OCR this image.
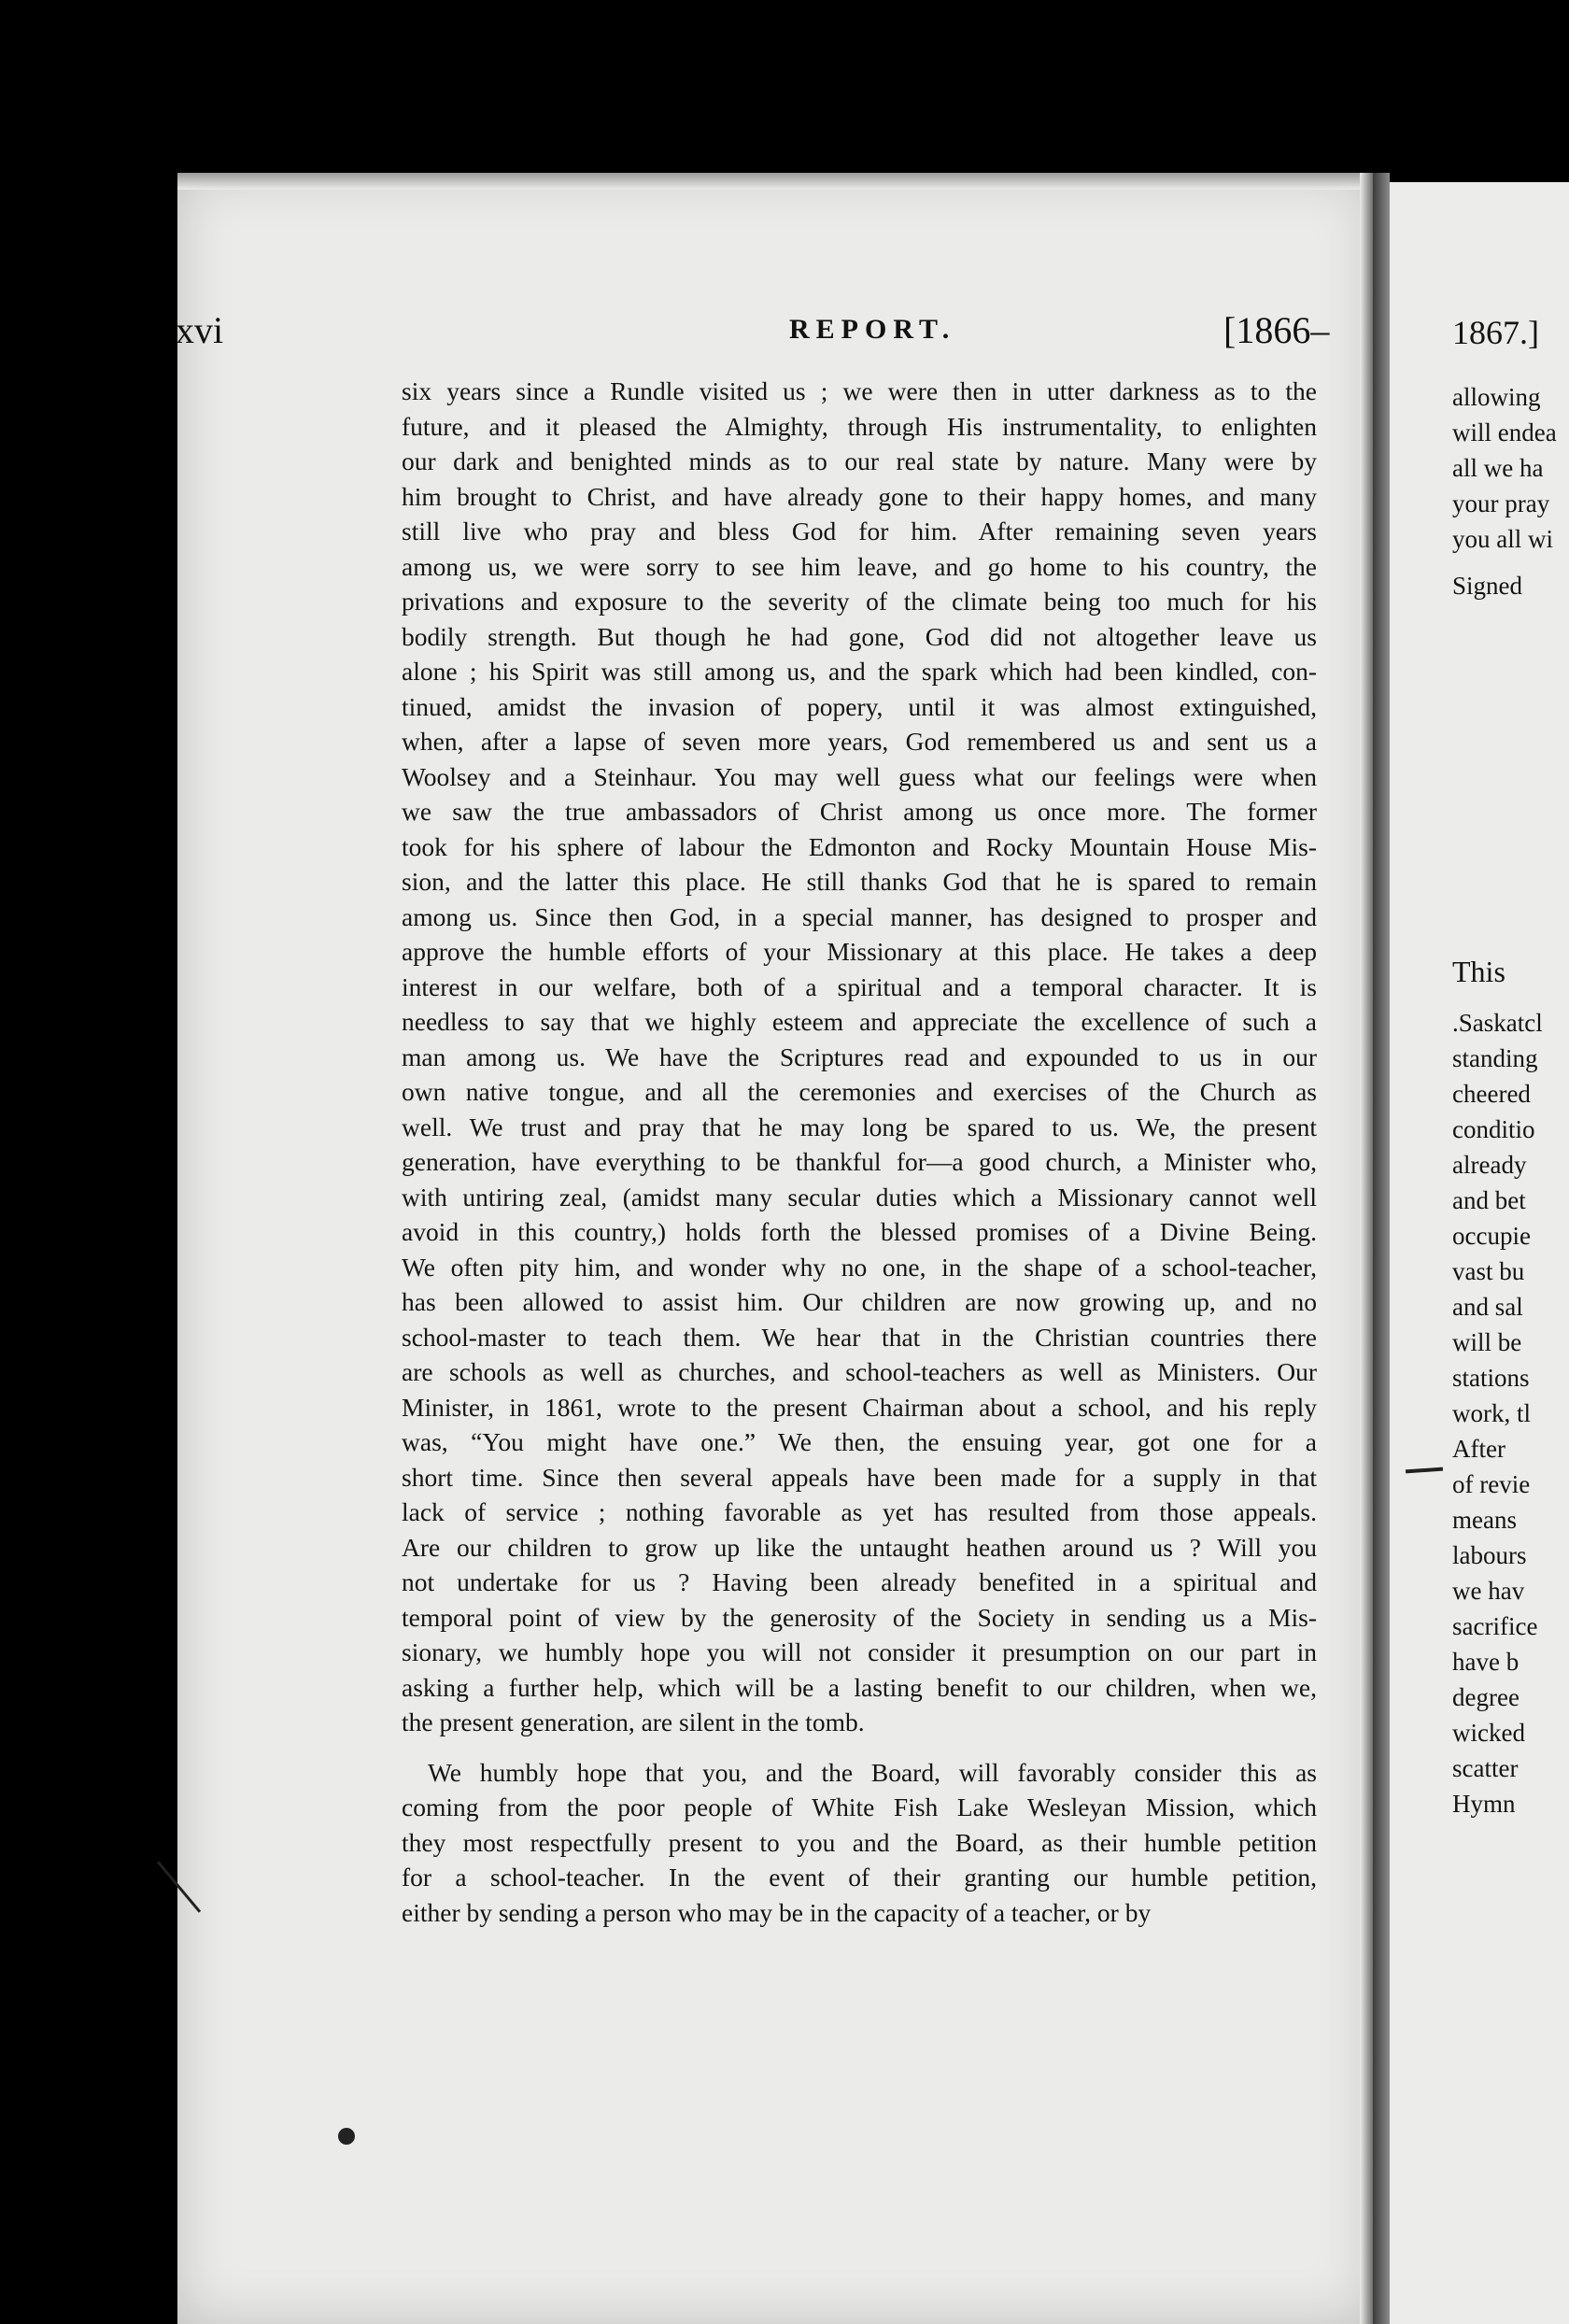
xvi	REPORT.	[1866–
six years since a Rundle visited us ; we were then in utter darkness as to the
future, and it pleased the Almighty, through His instrumentality, to enlighten
our dark and benighted minds as to our real state by nature. Many were by
him brought to Christ, and have already gone to their happy homes, and many
still live who pray and bless God for him. After remaining seven years
among us, we were sorry to see him leave, and go home to his country, the
privations and exposure to the severity of the climate being too much for his
bodily strength. But though he had gone, God did not altogether leave us
alone ; his Spirit was still among us, and the spark which had been kindled, con-
tinued, amidst the invasion of popery, until it was almost extinguished,
when, after a lapse of seven more years, God remembered us and sent us a
Woolsey and a Steinhaur. You may well guess what our feelings were when
we saw the true ambassadors of Christ among us once more. The former
took for his sphere of labour the Edmonton and Rocky Mountain House Mis-
sion, and the latter this place. He still thanks God that he is spared to remain
among us. Since then God, in a special manner, has designed to prosper and
approve the humble efforts of your Missionary at this place. He takes a deep
interest in our welfare, both of a spiritual and a temporal character. It is
needless to say that we highly esteem and appreciate the excellence of such a
man among us. We have the Scriptures read and expounded to us in our
own native tongue, and all the ceremonies and exercises of the Church as
well. We trust and pray that he may long be spared to us. We, the present
generation, have everything to be thankful for—a good church, a Minister who,
with untiring zeal, (amidst many secular duties which a Missionary cannot well
avoid in this country,) holds forth the blessed promises of a Divine Being.
We often pity him, and wonder why no one, in the shape of a school-teacher,
has been allowed to assist him. Our children are now growing up, and no
school-master to teach them. We hear that in the Christian countries there
are schools as well as churches, and school-teachers as well as Ministers. Our
Minister, in 1861, wrote to the present Chairman about a school, and his reply
was, “You might have one.” We then, the ensuing year, got one for a
short time. Since then several appeals have been made for a supply in that
lack of service ; nothing favorable as yet has resulted from those appeals.
Are our children to grow up like the untaught heathen around us ? Will you
not undertake for us ? Having been already benefited in a spiritual and
temporal point of view by the generosity of the Society in sending us a Mis-
sionary, we humbly hope you will not consider it presumption on our part in
asking a further help, which will be a lasting benefit to our children, when we,
the present generation, are silent in the tomb.
We humbly hope that you, and the Board, will favorably consider this as
coming from the poor people of White Fish Lake Wesleyan Mission, which
they most respectfully present to you and the Board, as their humble petition
for a school-teacher. In the event of their granting our humble petition,
either by sending a person who may be in the capacity of a teacher, or by
1867.]
allowing
will endea
all we ha
your pray
you all wi
Signed
This
.Saskatcl
standing
cheered
conditio
already
and bet
occupie
vast bu
and sal
will be
stations
work, tl
After
of revie
means
labours
we hav
sacrifice
have b
degree
wicked
scatter
Hymn
